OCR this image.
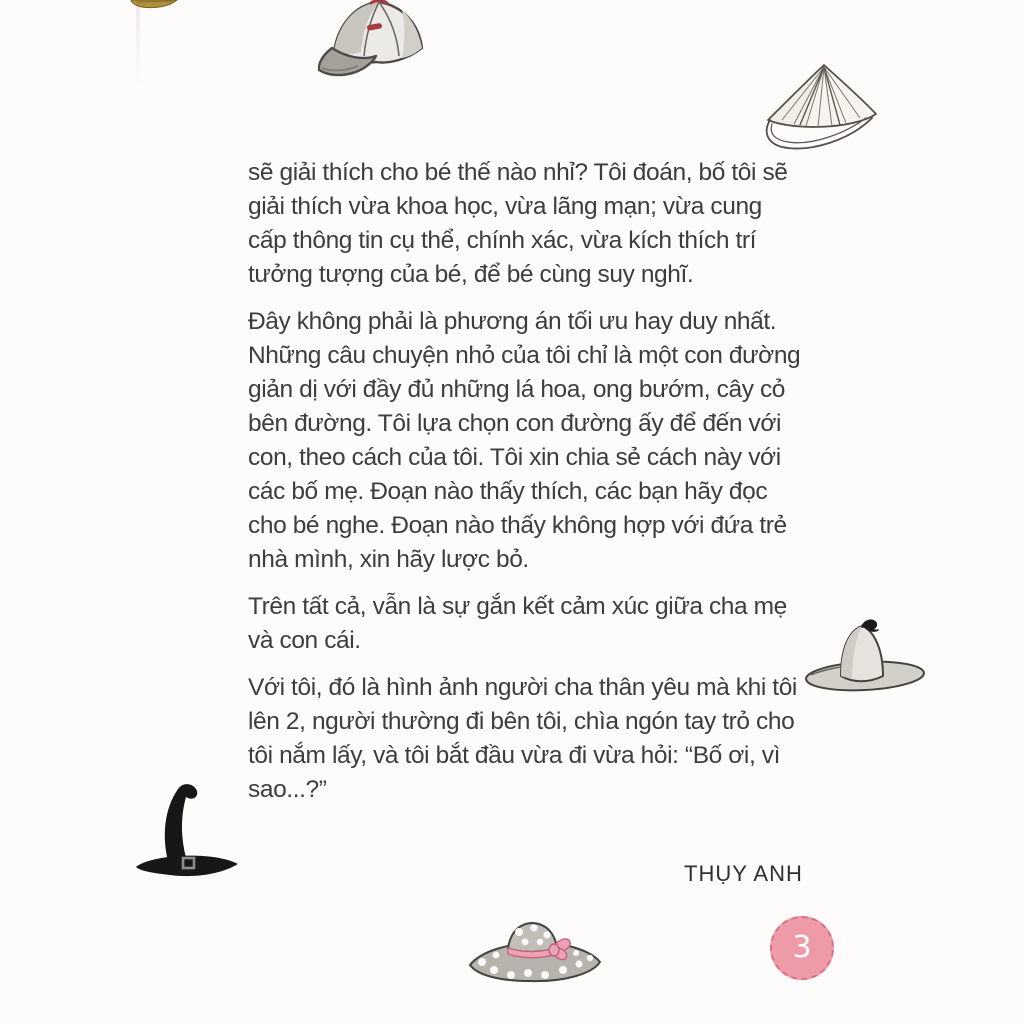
sẽ giải thích cho bé thế nào nhỉ? Tôi đoán, bố tôi sẽ giải thích vừa khoa học, vừa lãng mạn; vừa cung cấp thông tin cụ thể, chính xác, vừa kích thích trí tưởng tượng của bé, để bé cùng suy nghĩ.

Đây không phải là phương án tối ưu hay duy nhất. Những câu chuyện nhỏ của tôi chỉ là một con đường giản dị với đầy đủ những lá hoa, ong bướm, cây cỏ bên đường. Tôi lựa chọn con đường ấy để đến với con, theo cách của tôi. Tôi xin chia sẻ cách này với các bố mẹ. Đoạn nào thấy thích, các bạn hãy đọc cho bé nghe. Đoạn nào thấy không hợp với đứa trẻ nhà mình, xin hãy lược bỏ.

Trên tất cả, vẫn là sự gắn kết cảm xúc giữa cha mẹ và con cái.

Với tôi, đó là hình ảnh người cha thân yêu mà khi tôi lên 2, người thường đi bên tôi, chìa ngón tay trỏ cho tôi nắm lấy, và tôi bắt đầu vừa đi vừa hỏi: “Bố ơi, vì sao...?”

THỤY ANH
3
